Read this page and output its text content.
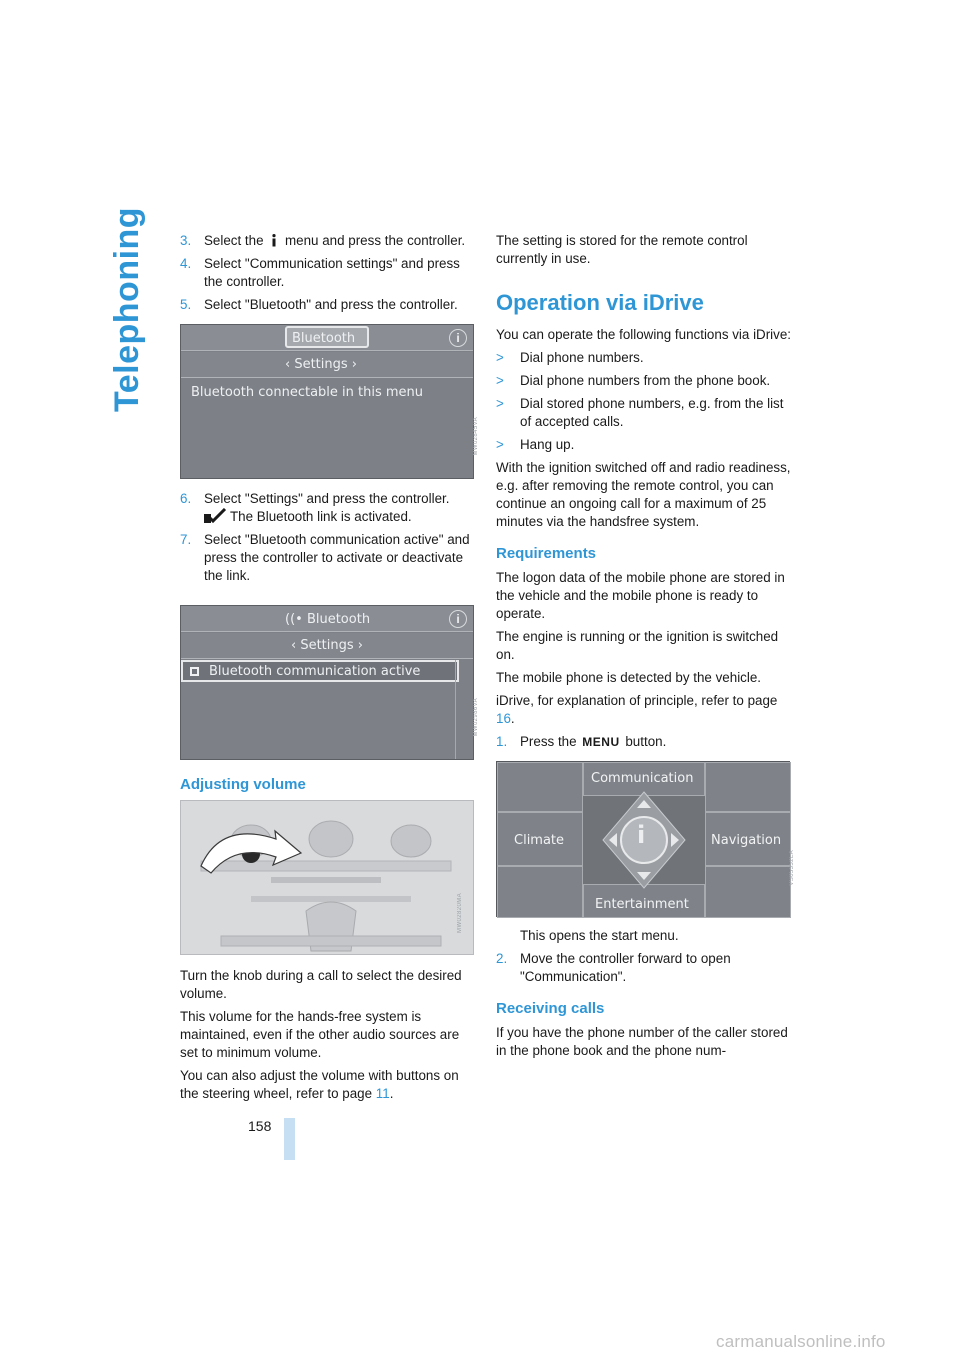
Telephoning	3. Select the  menu and press the controller.
4. Select "Communication settings" and press the controller.
5. Select "Bluetooth" and press the controller.
Bluetooth	i
‹ Settings ›
Bluetooth connectable in this menu
MW02845VA
6. Select "Settings" and press the controller.
The Bluetooth link is activated.
7. Select "Bluetooth communication active" and press the controller to activate or deactivate the link.
((• Bluetooth	i
‹ Settings ›
Bluetooth communication active
MW02986VA
Adjusting volume
MW02820MA

Turn the knob during a call to select the desired volume.

This volume for the hands-free system is maintained, even if the other audio sources are set to minimum volume.

You can also adjust the volume with buttons on the steering wheel, refer to page 11.

The setting is stored for the remote control currently in use.

Operation via iDrive

You can operate the following functions via iDrive:

> Dial phone numbers.
> Dial phone numbers from the phone book.
> Dial stored phone numbers, e.g. from the list of accepted calls.
> Hang up.

With the ignition switched off and radio readiness, e.g. after removing the remote control, you can continue an ongoing call for a maximum of 25 minutes via the handsfree system.

Requirements

The logon data of the mobile phone are stored in the vehicle and the mobile phone is ready to operate.

The engine is running or the ignition is switched on.

The mobile phone is detected by the vehicle.

iDrive, for explanation of principle, refer to page 16.

1. Press the MENU button.
i
Communication
Climate	Navigation
Entertainment
VS05352LA
This opens the start menu.
2. Move the controller forward to open "Communication".
Receiving calls

If you have the phone number of the caller stored in the phone book and the phone num-

158
carmanualsonline.info
